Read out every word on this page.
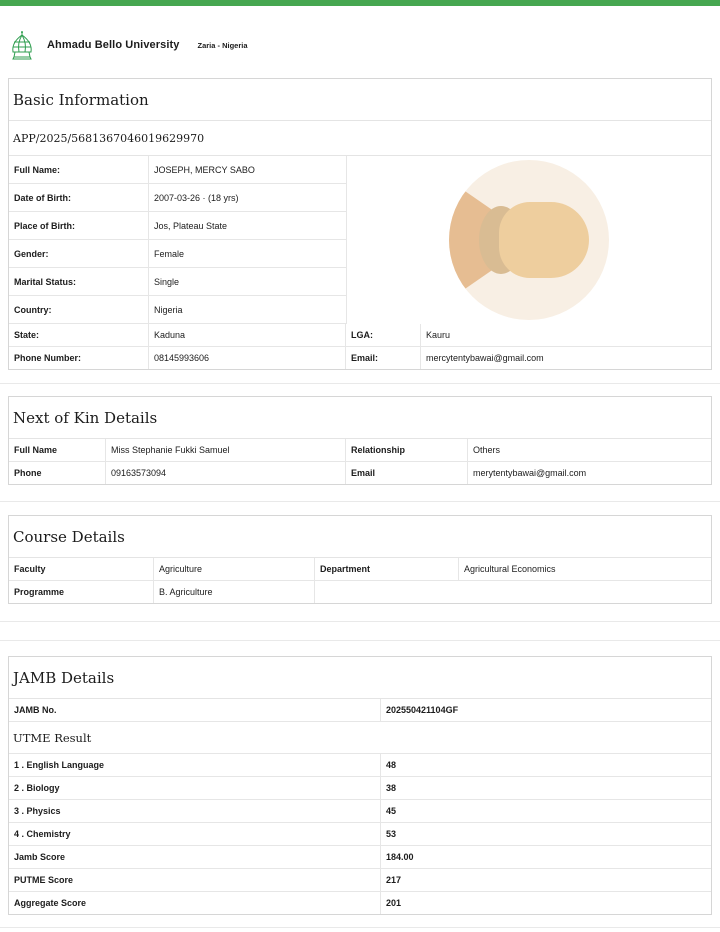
Ahmadu Bello University Zaria - Nigeria
Basic Information
APP/2025/5681367046019629970
Full Name:	JOSEPH, MERCY SABO
Date of Birth:	2007-03-26 · (18 yrs)
Place of Birth:	Jos, Plateau State
Gender:	Female
Marital Status:	Single
Country:	Nigeria
State:	Kaduna	LGA:	Kauru
Phone Number:	08145993606	Email:	mercytentybawai@gmail.com
Next of Kin Details
Full Name	Miss Stephanie Fukki Samuel	Relationship	Others
Phone	09163573094	Email	merytentybawai@gmail.com
Course Details
Faculty	Agriculture	Department	Agricultural Economics
Programme	B. Agriculture
JAMB Details
JAMB No.	202550421104GF
UTME Result
1 . English Language	48
2 . Biology	38
3 . Physics	45
4 . Chemistry	53
Jamb Score	184.00
PUTME Score	217
Aggregate Score	201
